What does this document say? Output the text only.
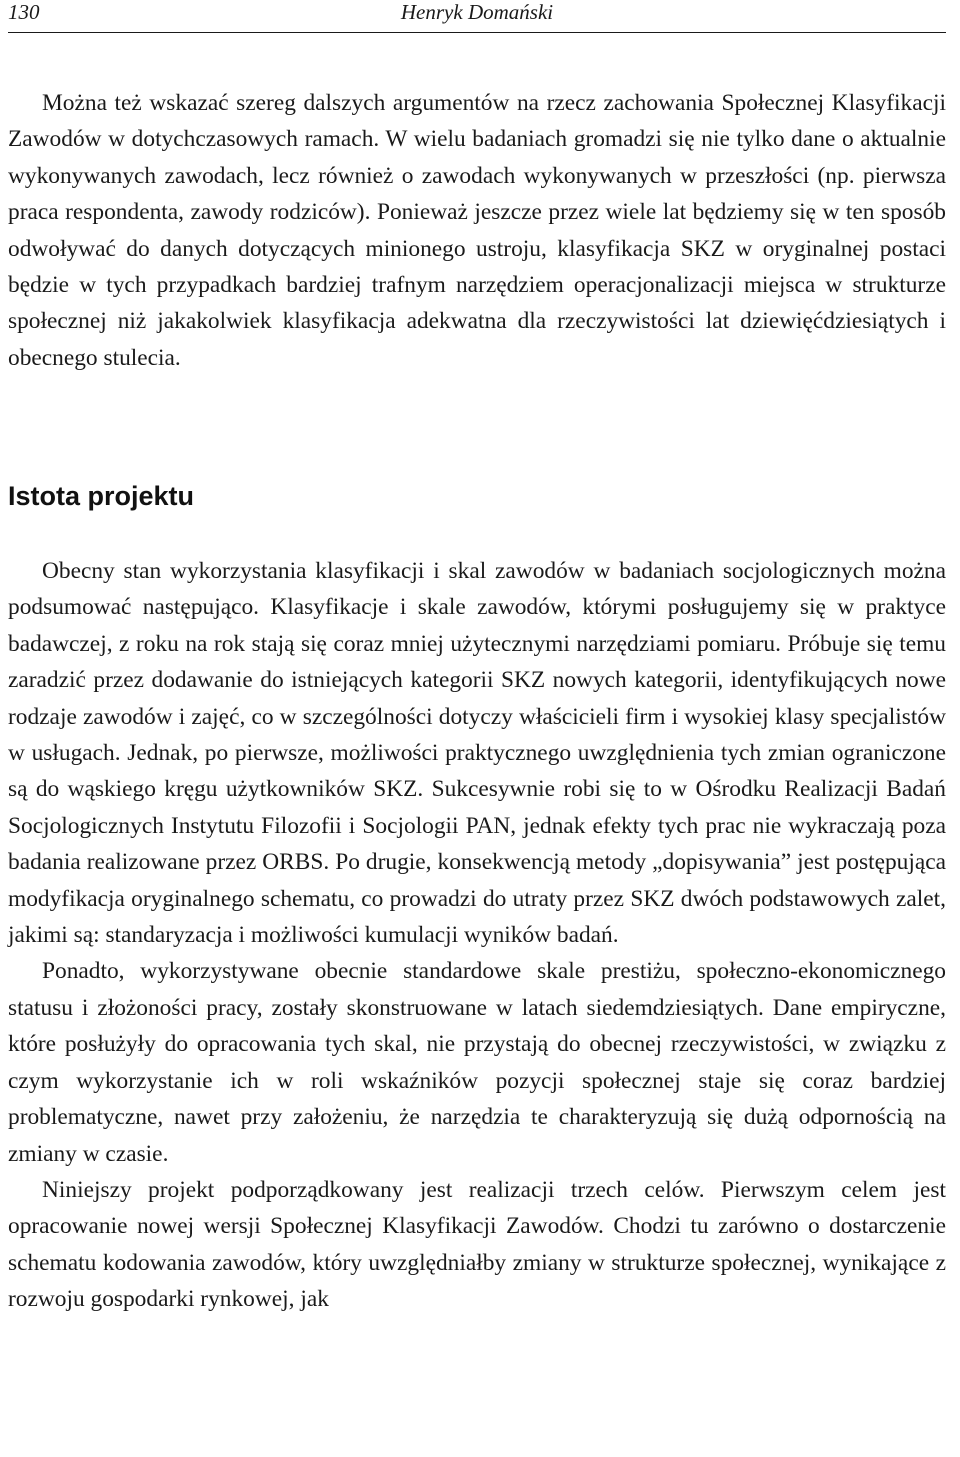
130	Henryk Domański

Można też wskazać szereg dalszych argumentów na rzecz zachowania Społecznej Klasyfikacji Zawodów w dotychczasowych ramach. W wielu badaniach gromadzi się nie tylko dane o aktualnie wykonywanych zawodach, lecz również o zawodach wykonywanych w przeszłości (np. pierwsza praca respondenta, zawody rodziców). Ponieważ jeszcze przez wiele lat będziemy się w ten sposób odwoływać do danych dotyczących minionego ustroju, klasyfikacja SKZ w oryginalnej postaci będzie w tych przypadkach bardziej trafnym narzędziem operacjonalizacji miejsca w strukturze społecznej niż jakakolwiek klasyfikacja adekwatna dla rzeczywistości lat dziewięćdziesiątych i obecnego stulecia.

Istota projektu

Obecny stan wykorzystania klasyfikacji i skal zawodów w badaniach socjologicznych można podsumować następująco. Klasyfikacje i skale zawodów, którymi posługujemy się w praktyce badawczej, z roku na rok stają się coraz mniej użytecznymi narzędziami pomiaru. Próbuje się temu zaradzić przez dodawanie do istniejących kategorii SKZ nowych kategorii, identyfikujących nowe rodzaje zawodów i zajęć, co w szczególności dotyczy właścicieli firm i wysokiej klasy specjalistów w usługach. Jednak, po pierwsze, możliwości praktycznego uwzględnienia tych zmian ograniczone są do wąskiego kręgu użytkowników SKZ. Sukcesywnie robi się to w Ośrodku Realizacji Badań Socjologicznych Instytutu Filozofii i Socjologii PAN, jednak efekty tych prac nie wykraczają poza badania realizowane przez ORBS. Po drugie, konsekwencją metody „dopisywania” jest postępująca modyfikacja oryginalnego schematu, co prowadzi do utraty przez SKZ dwóch podstawowych zalet, jakimi są: standaryzacja i możliwości kumulacji wyników badań.

Ponadto, wykorzystywane obecnie standardowe skale prestiżu, społeczno-ekonomicznego statusu i złożoności pracy, zostały skonstruowane w latach siedemdziesiątych. Dane empiryczne, które posłużyły do opracowania tych skal, nie przystają do obecnej rzeczywistości, w związku z czym wykorzystanie ich w roli wskaźników pozycji społecznej staje się coraz bardziej problematyczne, nawet przy założeniu, że narzędzia te charakteryzują się dużą odpornością na zmiany w czasie.

Niniejszy projekt podporządkowany jest realizacji trzech celów. Pierwszym celem jest opracowanie nowej wersji Społecznej Klasyfikacji Zawodów. Chodzi tu zarówno o dostarczenie schematu kodowania zawodów, który uwzględniałby zmiany w strukturze społecznej, wynikające z rozwoju gospodarki rynkowej, jak
